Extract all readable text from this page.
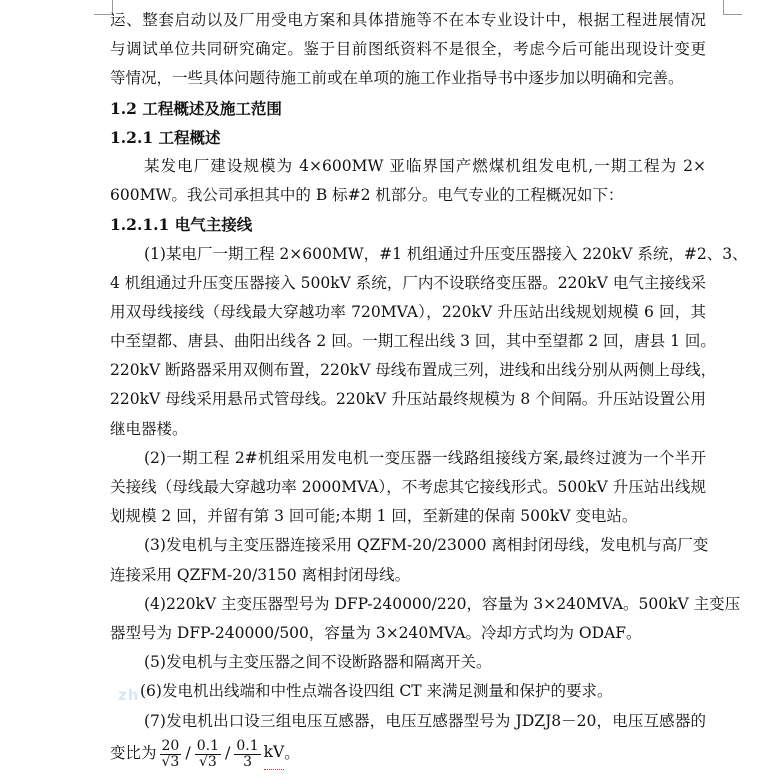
运、整套启动以及厂用受电方案和具体措施等不在本专业设计中，根据工程进展情况
与调试单位共同研究确定。鉴于目前图纸资料不是很全，考虑今后可能出现设计变更
等情况，一些具体问题待施工前或在单项的施工作业指导书中逐步加以明确和完善。
1.2 工程概述及施工范围
1.2.1 工程概述
某发电厂建设规模为 4×600MW 亚临界国产燃煤机组发电机,一期工程为 2×
600MW。我公司承担其中的 B 标#2 机部分。电气专业的工程概况如下：
1.2.1.1 电气主接线
(1)某电厂一期工程 2×600MW，#1 机组通过升压变压器接入 220kV 系统，#2、3、
4 机组通过升压变压器接入 500kV 系统，厂内不设联络变压器。220kV 电气主接线采
用双母线接线（母线最大穿越功率 720MVA），220kV 升压站出线规划规模 6 回，其
中至望都、唐县、曲阳出线各 2 回。一期工程出线 3 回，其中至望都 2 回，唐县 1 回。
220kV 断路器采用双侧布置，220kV 母线布置成三列，进线和出线分别从两侧上母线，
220kV 母线采用悬吊式管母线。220kV 升压站最终规模为 8 个间隔。升压站设置公用
继电器楼。
(2)一期工程 2#机组采用发电机一变压器一线路组接线方案,最终过渡为一个半开
关接线（母线最大穿越功率 2000MVA），不考虑其它接线形式。500kV 升压站出线规
划规模 2 回，并留有第 3 回可能;本期 1 回，至新建的保南 500kV 变电站。
(3)发电机与主变压器连接采用 QZFM-20/23000 离相封闭母线，发电机与高厂变
连接采用 QZFM-20/3150 离相封闭母线。
(4)220kV 主变压器型号为 DFP-240000/220，容量为 3×240MVA。500kV 主变压
器型号为 DFP-240000/500，容量为 3×240MVA。冷却方式均为 ODAF。
(5)发电机与主变压器之间不设断路器和隔离开关。
(6)发电机出线端和中性点端各设四组 CT 来满足测量和保护的要求。
(7)发电机出口设三组电压互感器，电压互感器型号为 JDZJ8－20，电压互感器的
变比为 $\frac{20}{√3} / \frac{0.1}{√3} / \frac{0.1}{3}$ kV 。
zh
